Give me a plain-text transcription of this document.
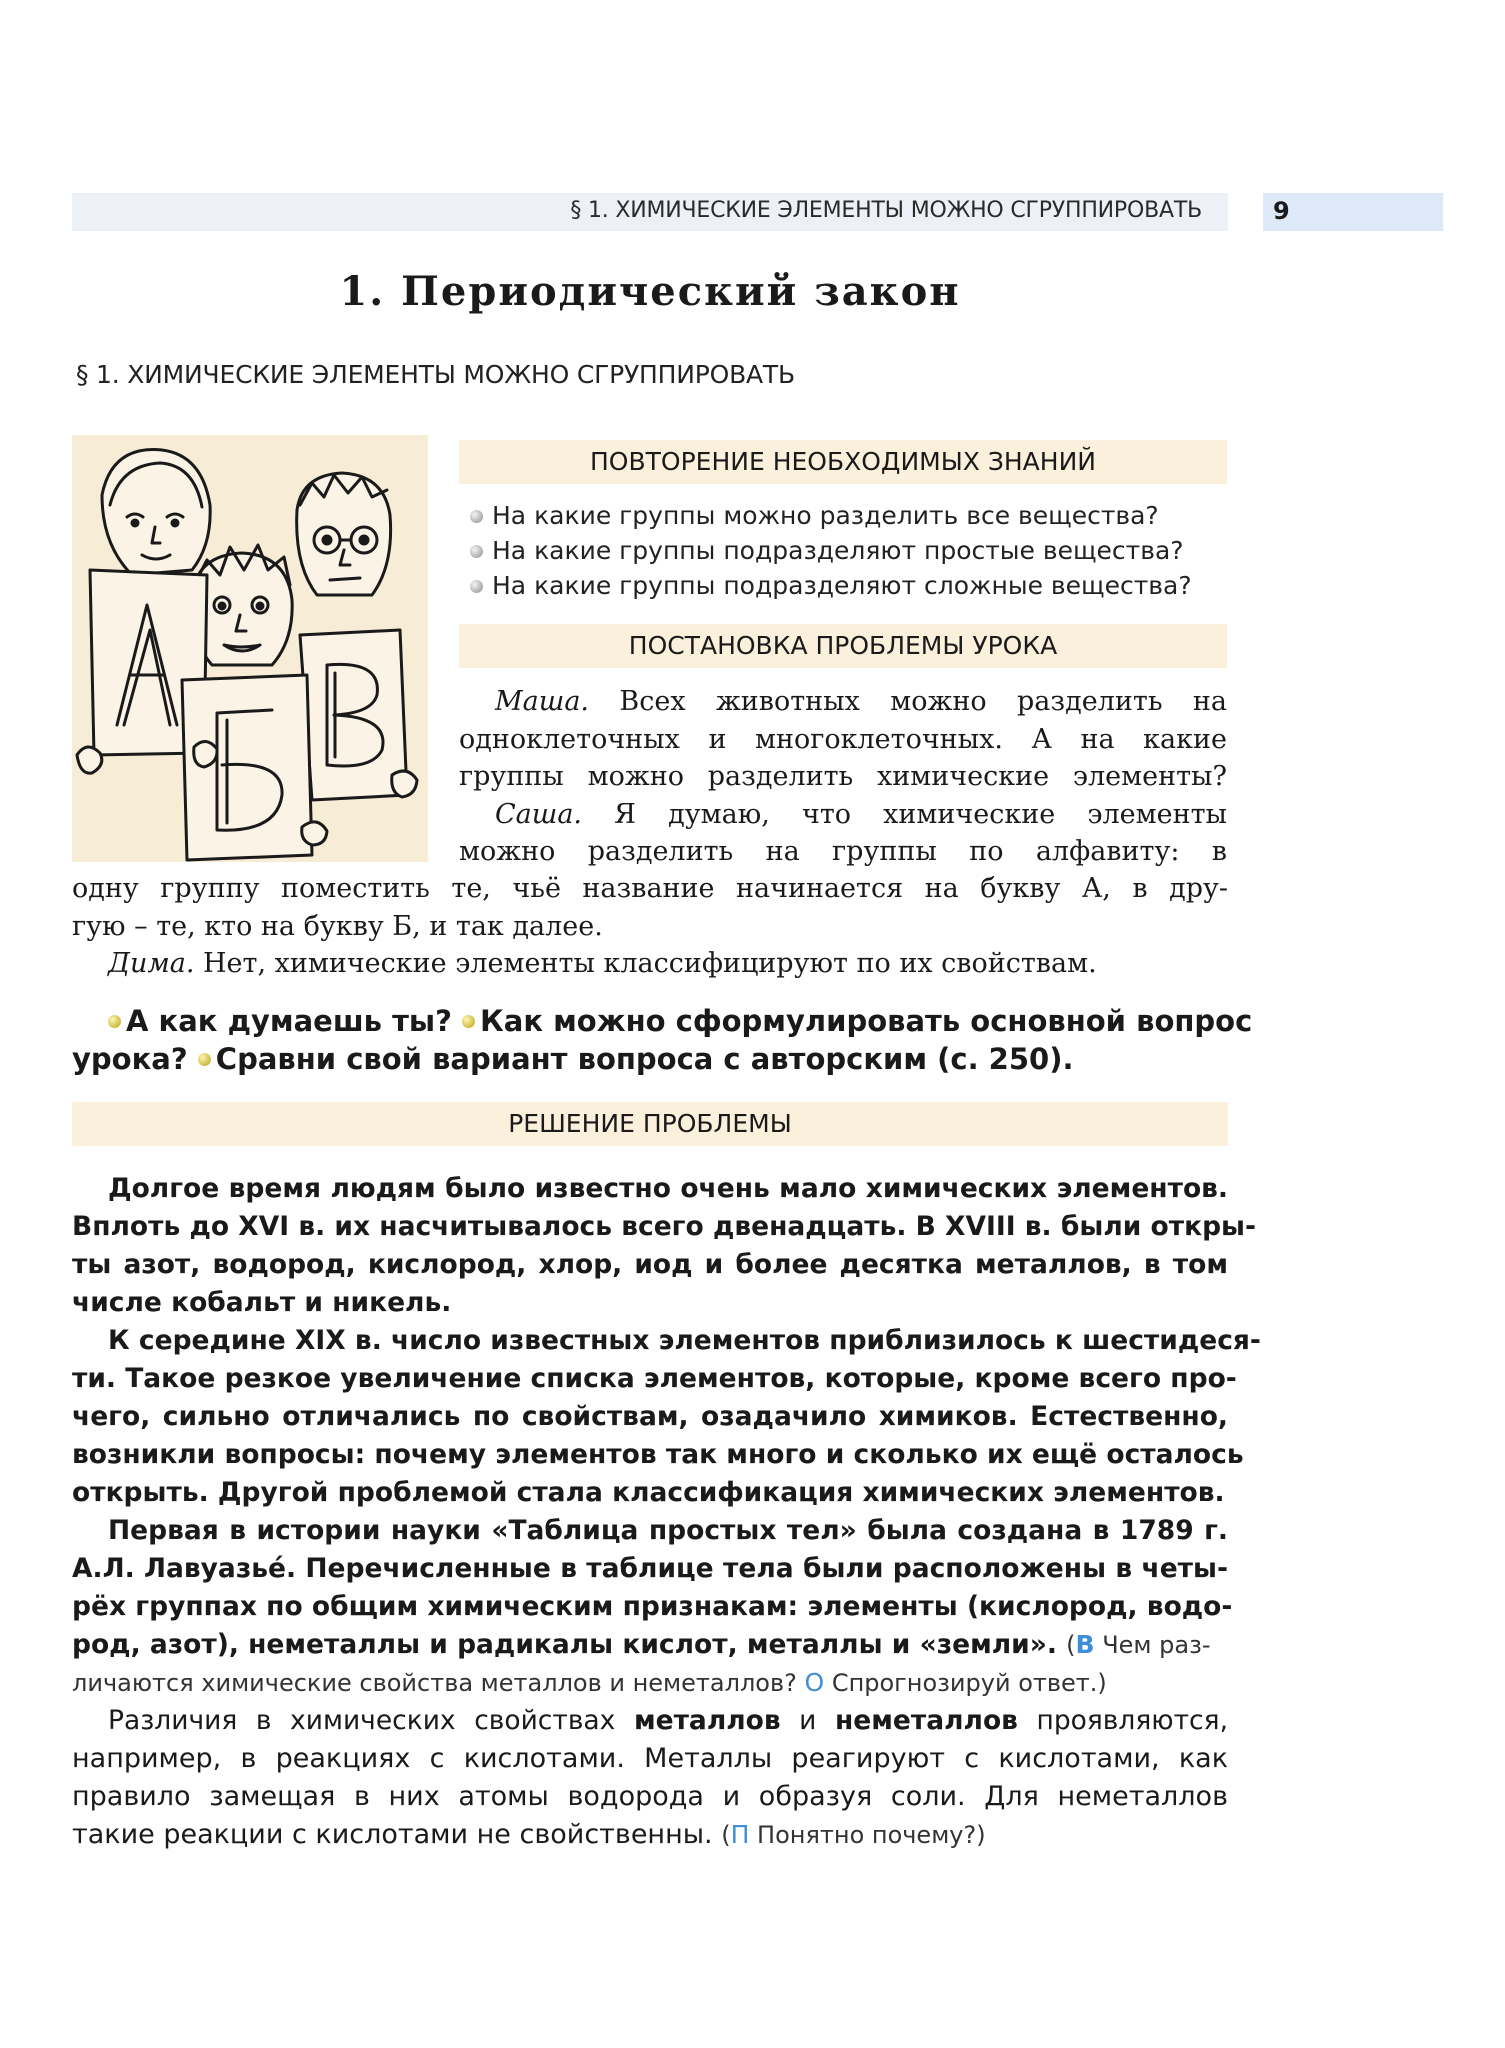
§ 1. ХИМИЧЕСКИЕ ЭЛЕМЕНТЫ МОЖНО СГРУППИРОВАТЬ	9
1. Периодический закон
§ 1. ХИМИЧЕСКИЕ ЭЛЕМЕНТЫ МОЖНО СГРУППИРОВАТЬ
ПОВТОРЕНИЕ НЕОБХОДИМЫХ ЗНАНИЙ
На какие группы можно разделить все вещества?
На какие группы подразделяют простые вещества?
На какие группы подразделяют сложные вещества?
ПОСТАНОВКА ПРОБЛЕМЫ УРОКА
Маша. Всех животных можно разделить на
одноклеточных и многоклеточных. А на какие
группы можно разделить химические элементы?
Саша. Я думаю, что химические элементы
можно разделить на группы по алфавиту: в
одну группу поместить те, чьё название начинается на букву А, в дру-
гую – те, кто на букву Б, и так далее.
Дима. Нет, химические элементы классифицируют по их свойствам.
А как думаешь ты? Как можно сформулировать основной вопрос
урока? Сравни свой вариант вопроса с авторским (с. 250).
РЕШЕНИЕ ПРОБЛЕМЫ
Долгое время людям было известно очень мало химических элементов.
Вплоть до XVI в. их насчитывалось всего двенадцать. В XVIII в. были откры-
ты азот, водород, кислород, хлор, иод и более десятка металлов, в том
числе кобальт и никель.
К середине XIX в. число известных элементов приблизилось к шестидеся-
ти. Такое резкое увеличение списка элементов, которые, кроме всего про-
чего, сильно отличались по свойствам, озадачило химиков. Естественно,
возникли вопросы: почему элементов так много и сколько их ещё осталось
открыть. Другой проблемой стала классификация химических элементов.
Первая в истории науки «Таблица простых тел» была создана в 1789 г.
А.Л. Лавуазье́. Перечисленные в таблице тела были расположены в четы-
рёх группах по общим химическим признакам: элементы (кислород, водо-
род, азот), неметаллы и радикалы кислот, металлы и «земли». (В Чем раз-
личаются химические свойства металлов и неметаллов? О Спрогнозируй ответ.)
Различия в химических свойствах металлов и неметаллов проявляются,
например, в реакциях с кислотами. Металлы реагируют с кислотами, как
правило замещая в них атомы водорода и образуя соли. Для неметаллов
такие реакции с кислотами не свойственны. (П Понятно почему?)
